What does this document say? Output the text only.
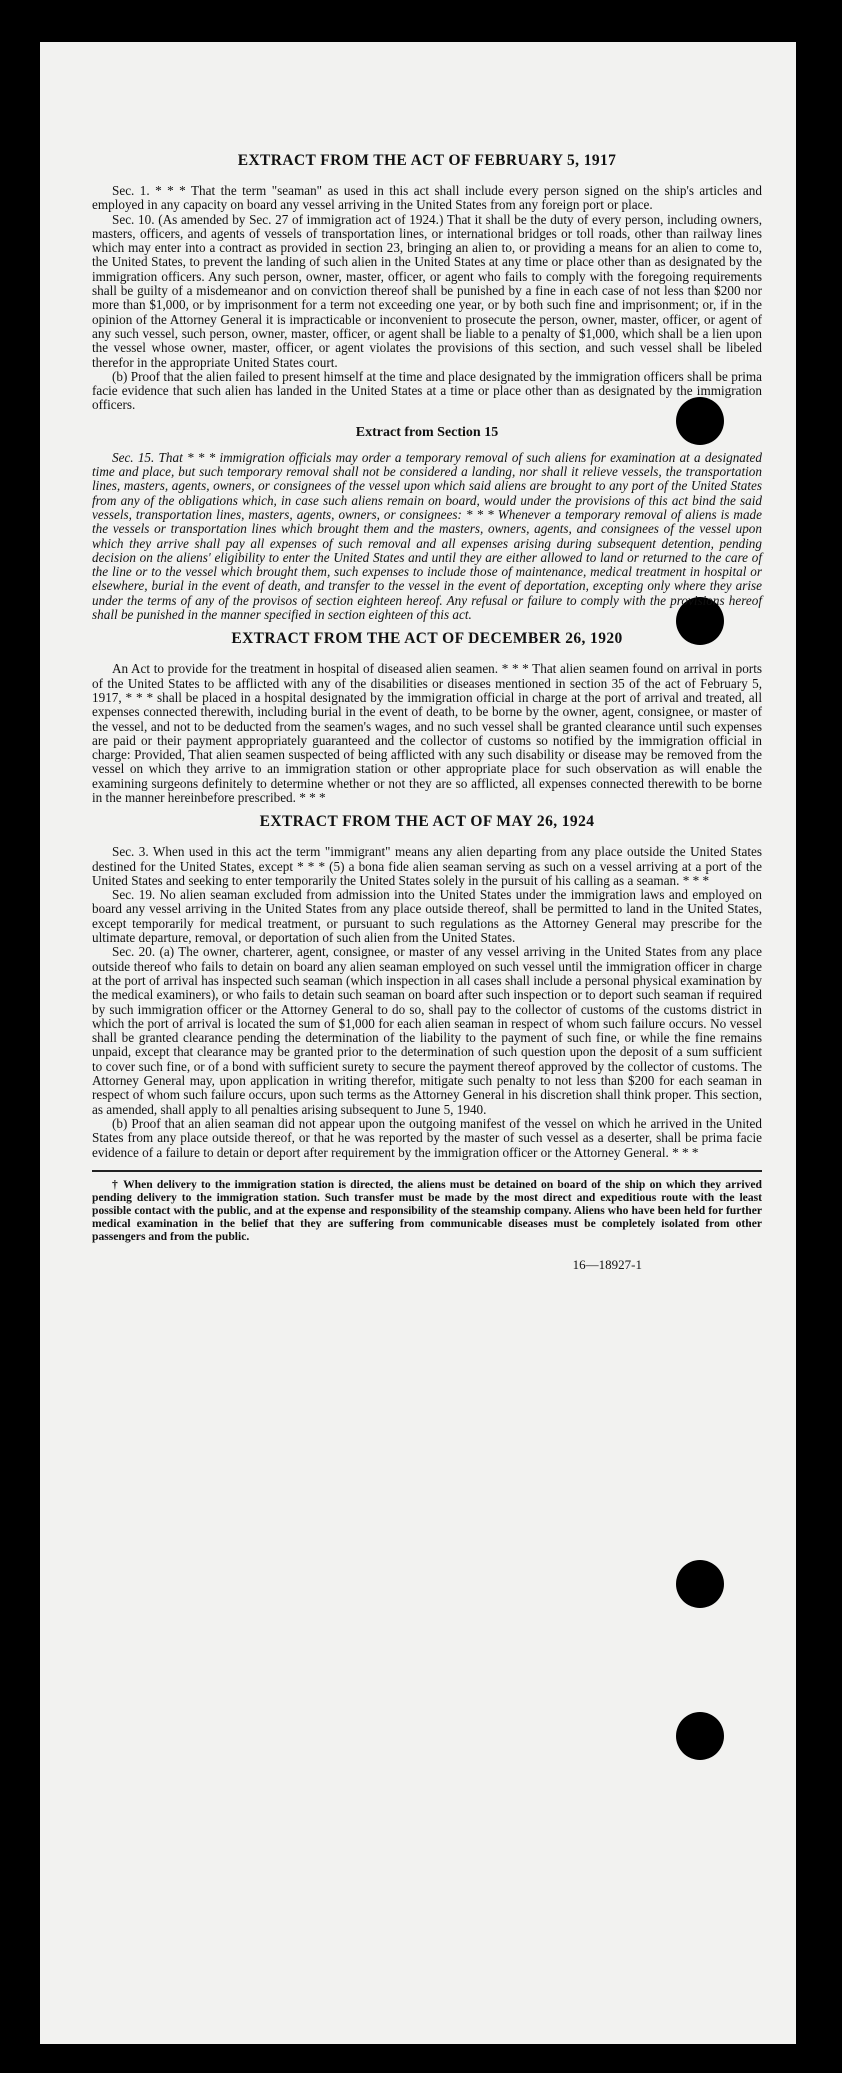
EXTRACT FROM THE ACT OF FEBRUARY 5, 1917

Sec. 1. * * * That the term "seaman" as used in this act shall include every person signed on the ship's articles and employed in any capacity on board any vessel arriving in the United States from any foreign port or place.

Sec. 10. (As amended by Sec. 27 of immigration act of 1924.) That it shall be the duty of every person, including owners, masters, officers, and agents of vessels of transportation lines, or international bridges or toll roads, other than railway lines which may enter into a contract as provided in section 23, bringing an alien to, or providing a means for an alien to come to, the United States, to prevent the landing of such alien in the United States at any time or place other than as designated by the immigration officers. Any such person, owner, master, officer, or agent who fails to comply with the foregoing requirements shall be guilty of a misdemeanor and on conviction thereof shall be punished by a fine in each case of not less than $200 nor more than $1,000, or by imprisonment for a term not exceeding one year, or by both such fine and imprisonment; or, if in the opinion of the Attorney General it is impracticable or inconvenient to prosecute the person, owner, master, officer, or agent of any such vessel, such person, owner, master, officer, or agent shall be liable to a penalty of $1,000, which shall be a lien upon the vessel whose owner, master, officer, or agent violates the provisions of this section, and such vessel shall be libeled therefor in the appropriate United States court.

(b) Proof that the alien failed to present himself at the time and place designated by the immigration officers shall be prima facie evidence that such alien has landed in the United States at a time or place other than as designated by the immigration officers.

Extract from Section 15

Sec. 15. That * * * immigration officials may order a temporary removal of such aliens for examination at a designated time and place, but such temporary removal shall not be considered a landing, nor shall it relieve vessels, the transportation lines, masters, agents, owners, or consignees of the vessel upon which said aliens are brought to any port of the United States from any of the obligations which, in case such aliens remain on board, would under the provisions of this act bind the said vessels, transportation lines, masters, agents, owners, or consignees: * * * Whenever a temporary removal of aliens is made the vessels or transportation lines which brought them and the masters, owners, agents, and consignees of the vessel upon which they arrive shall pay all expenses of such removal and all expenses arising during subsequent detention, pending decision on the aliens' eligibility to enter the United States and until they are either allowed to land or returned to the care of the line or to the vessel which brought them, such expenses to include those of maintenance, medical treatment in hospital or elsewhere, burial in the event of death, and transfer to the vessel in the event of deportation, excepting only where they arise under the terms of any of the provisos of section eighteen hereof. Any refusal or failure to comply with the provisions hereof shall be punished in the manner specified in section eighteen of this act.

EXTRACT FROM THE ACT OF DECEMBER 26, 1920

An Act to provide for the treatment in hospital of diseased alien seamen. * * * That alien seamen found on arrival in ports of the United States to be afflicted with any of the disabilities or diseases mentioned in section 35 of the act of February 5, 1917, * * * shall be placed in a hospital designated by the immigration official in charge at the port of arrival and treated, all expenses connected therewith, including burial in the event of death, to be borne by the owner, agent, consignee, or master of the vessel, and not to be deducted from the seamen's wages, and no such vessel shall be granted clearance until such expenses are paid or their payment appropriately guaranteed and the collector of customs so notified by the immigration official in charge: Provided, That alien seamen suspected of being afflicted with any such disability or disease may be removed from the vessel on which they arrive to an immigration station or other appropriate place for such observation as will enable the examining surgeons definitely to determine whether or not they are so afflicted, all expenses connected therewith to be borne in the manner hereinbefore prescribed. * * *

EXTRACT FROM THE ACT OF MAY 26, 1924

Sec. 3. When used in this act the term "immigrant" means any alien departing from any place outside the United States destined for the United States, except * * * (5) a bona fide alien seaman serving as such on a vessel arriving at a port of the United States and seeking to enter temporarily the United States solely in the pursuit of his calling as a seaman. * * *

Sec. 19. No alien seaman excluded from admission into the United States under the immigration laws and employed on board any vessel arriving in the United States from any place outside thereof, shall be permitted to land in the United States, except temporarily for medical treatment, or pursuant to such regulations as the Attorney General may prescribe for the ultimate departure, removal, or deportation of such alien from the United States.

Sec. 20. (a) The owner, charterer, agent, consignee, or master of any vessel arriving in the United States from any place outside thereof who fails to detain on board any alien seaman employed on such vessel until the immigration officer in charge at the port of arrival has inspected such seaman (which inspection in all cases shall include a personal physical examination by the medical examiners), or who fails to detain such seaman on board after such inspection or to deport such seaman if required by such immigration officer or the Attorney General to do so, shall pay to the collector of customs of the customs district in which the port of arrival is located the sum of $1,000 for each alien seaman in respect of whom such failure occurs. No vessel shall be granted clearance pending the determination of the liability to the payment of such fine, or while the fine remains unpaid, except that clearance may be granted prior to the determination of such question upon the deposit of a sum sufficient to cover such fine, or of a bond with sufficient surety to secure the payment thereof approved by the collector of customs. The Attorney General may, upon application in writing therefor, mitigate such penalty to not less than $200 for each seaman in respect of whom such failure occurs, upon such terms as the Attorney General in his discretion shall think proper. This section, as amended, shall apply to all penalties arising subsequent to June 5, 1940.

(b) Proof that an alien seaman did not appear upon the outgoing manifest of the vessel on which he arrived in the United States from any place outside thereof, or that he was reported by the master of such vessel as a deserter, shall be prima facie evidence of a failure to detain or deport after requirement by the immigration officer or the Attorney General. * * *

† When delivery to the immigration station is directed, the aliens must be detained on board of the ship on which they arrived pending delivery to the immigration station. Such transfer must be made by the most direct and expeditious route with the least possible contact with the public, and at the expense and responsibility of the steamship company. Aliens who have been held for further medical examination in the belief that they are suffering from communicable diseases must be completely isolated from other passengers and from the public.
16—18927-1
